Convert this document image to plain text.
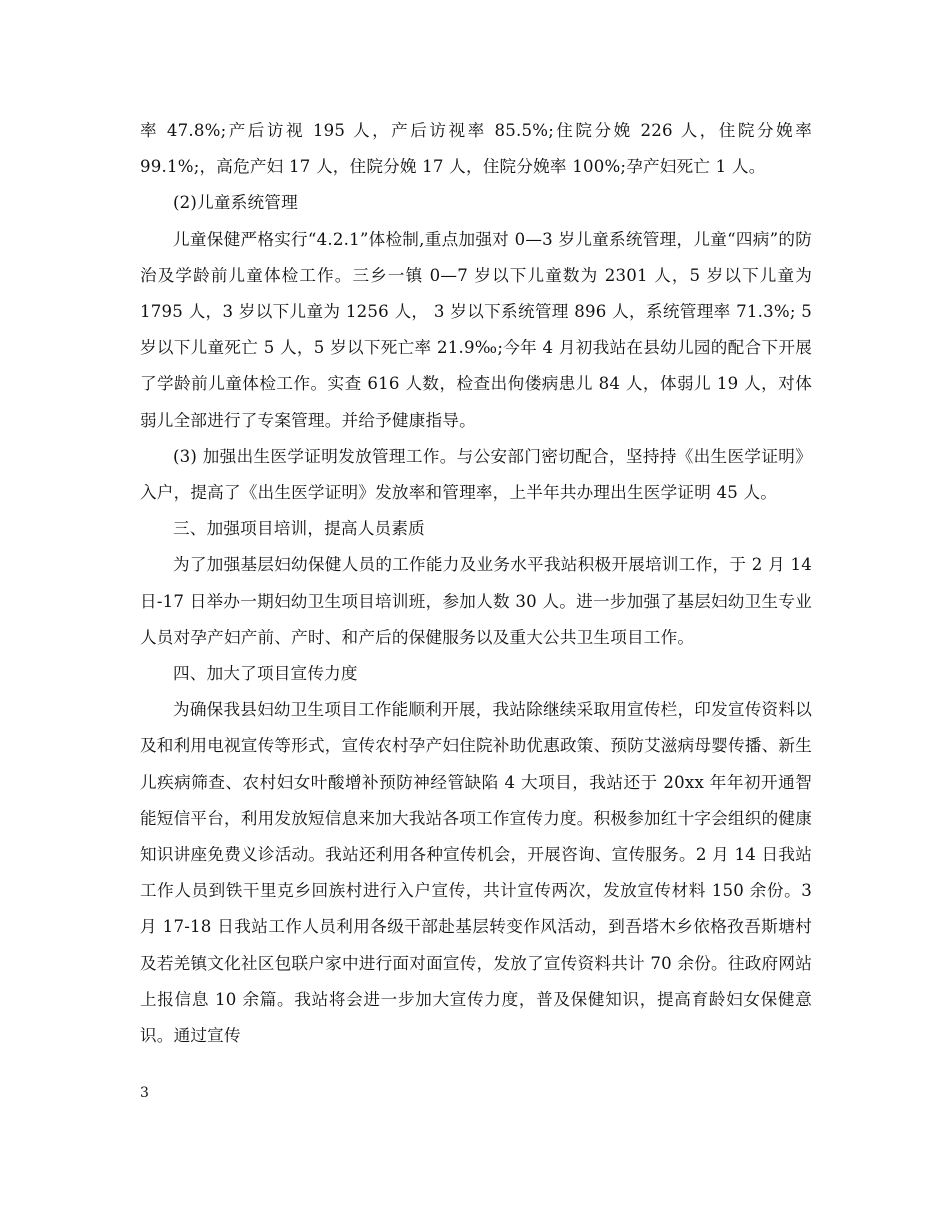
率 47.8%;产后访视 195 人，产后访视率 85.5%;住院分娩 226 人，住院分娩率 99.1%;，高危产妇 17 人，住院分娩 17 人，住院分娩率 100%;孕产妇死亡 1 人。

(2)儿童系统管理

儿童保健严格实行“4.2.1”体检制,重点加强对 0—3 岁儿童系统管理，儿童“四病”的防治及学龄前儿童体检工作。三乡一镇 0—7 岁以下儿童数为 2301 人，5 岁以下儿童为 1795 人，3 岁以下儿童为 1256 人， 3 岁以下系统管理 896 人，系统管理率 71.3%; 5 岁以下儿童死亡 5 人，5 岁以下死亡率 21.9‰;今年 4 月初我站在县幼儿园的配合下开展了学龄前儿童体检工作。实查 616 人数，检查出佝偻病患儿 84 人，体弱儿 19 人，对体弱儿全部进行了专案管理。并给予健康指导。

(3) 加强出生医学证明发放管理工作。与公安部门密切配合，坚持持《出生医学证明》入户，提高了《出生医学证明》发放率和管理率，上半年共办理出生医学证明 45 人。

三、加强项目培训，提高人员素质

为了加强基层妇幼保健人员的工作能力及业务水平我站积极开展培训工作，于 2 月 14 日-17 日举办一期妇幼卫生项目培训班，参加人数 30 人。进一步加强了基层妇幼卫生专业人员对孕产妇产前、产时、和产后的保健服务以及重大公共卫生项目工作。

四、加大了项目宣传力度

为确保我县妇幼卫生项目工作能顺利开展，我站除继续采取用宣传栏，印发宣传资料以及和利用电视宣传等形式，宣传农村孕产妇住院补助优惠政策、预防艾滋病母婴传播、新生儿疾病筛查、农村妇女叶酸增补预防神经管缺陷 4 大项目，我站还于 20xx 年年初开通智能短信平台，利用发放短信息来加大我站各项工作宣传力度。积极参加红十字会组织的健康知识讲座免费义诊活动。我站还利用各种宣传机会，开展咨询、宣传服务。2 月 14 日我站工作人员到铁干里克乡回族村进行入户宣传，共计宣传两次，发放宣传材料 150 余份。3 月 17-18 日我站工作人员利用各级干部赴基层转变作风活动，到吾塔木乡依格孜吾斯塘村及若羌镇文化社区包联户家中进行面对面宣传，发放了宣传资料共计 70 余份。往政府网站上报信息 10 余篇。我站将会进一步加大宣传力度，普及保健知识，提高育龄妇女保健意识。通过宣传

3
